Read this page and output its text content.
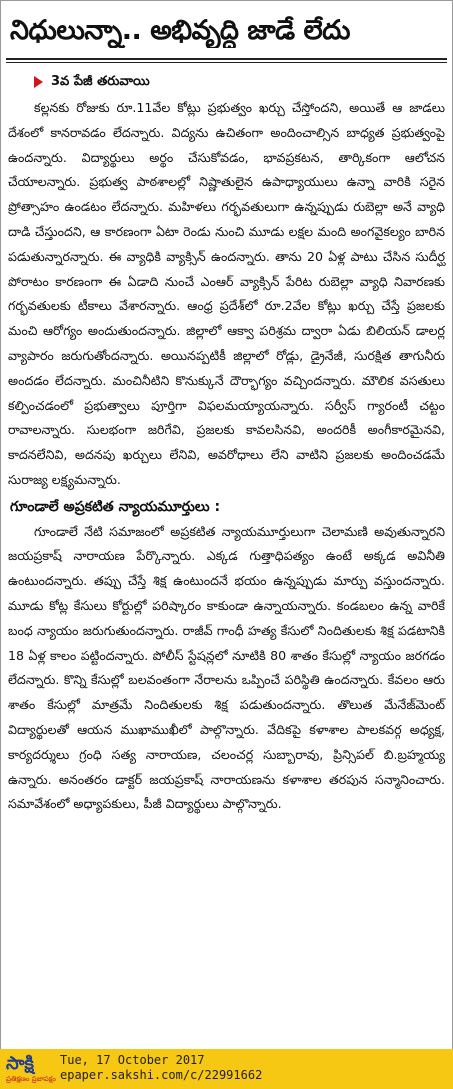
నిధులున్నా.. అభివృద్ధి జాడే లేదు
3వ పేజీ తరువాయి

కల్లనకు రోజుకు రూ.11వేల కోట్లు ప్రభుత్వం ఖర్చు చేస్తోందని, అయితే ఆ జాడలు దేశంలో కానరావడం లేదన్నారు. విద్యను ఉచితంగా అందించాల్సిన బాధ్యత ప్రభుత్వంపై ఉందన్నారు. విద్యార్థులు అర్థం చేసుకోవడం, భావప్రకటన, తార్కికంగా ఆలోచన చేయాలన్నారు. ప్రభుత్వ పాఠశాలల్లో నిష్ణాతులైన ఉపాధ్యాయులు ఉన్నా వారికి సరైన ప్రోత్సాహం ఉండటం లేదన్నారు. మహిళలు గర్భవతులుగా ఉన్నప్పుడు రుబెల్లా అనే వ్యాధి దాడి చేస్తుందని, ఆ కారణంగా ఏటా రెండు నుంచి మూడు లక్షల మంది అంగవైకల్యం బారిన పడుతున్నారన్నారు. ఈ వ్యాధికి వ్యాక్సిన్ ఉందన్నారు. తాను 20 ఏళ్ల పాటు చేసిన సుదీర్ఘ పోరాటం కారణంగా ఈ ఏడాది నుంచే ఎంఆర్ వ్యాక్సిన్ పేరిట రుబెల్లా వ్యాధి నివారణకు గర్భవతులకు టీకాలు వేశారన్నారు. ఆంధ్ర ప్రదేశ్‌లో రూ.2వేల కోట్లు ఖర్చు చేస్తే ప్రజలకు మంచి ఆరోగ్యం అందుతుందన్నారు. జిల్లాలో ఆక్వా పరిశ్రమ ద్వారా ఏడు బిలియన్ డాలర్ల వ్యాపారం జరుగుతోందన్నారు. అయినప్పటికీ జిల్లాలో రోడ్లు, డ్రైనేజీ, సురక్షిత తాగునీరు అందడం లేదన్నారు. మంచినీటిని కొనుక్కునే దౌర్భాగ్యం వచ్చిందన్నారు. మౌలిక వసతులు కల్పించడంలో ప్రభుత్వాలు పూర్తిగా విఫలమయ్యాయన్నారు. సర్వీస్ గ్యారంటీ చట్టం రావాలన్నారు. సులభంగా జరిగేవి, ప్రజలకు కావలసినవి, అందరికీ అంగీకారమైనవి, కాదనలేనివి, అదనపు ఖర్చులు లేనివి, అవరోధాలు లేని వాటిని ప్రజలకు అందించడమే సురాజ్య లక్ష్యమన్నారు.

గూండాలే అప్రకటిత న్యాయమూర్తులు :

గూండాలే నేటి సమాజంలో అప్రకటిత న్యాయమూర్తులుగా చెలామణి అవుతున్నారని జయప్రకాష్ నారాయణ పేర్కొన్నారు. ఎక్కడ గుత్తాధిపత్యం ఉంటే అక్కడ అవినీతి ఉంటుందన్నారు. తప్పు చేస్తే శిక్ష ఉంటుందనే భయం ఉన్నప్పుడు మార్పు వస్తుందన్నారు. మూడు కోట్ల కేసులు కోర్టుల్లో పరిష్కారం కాకుండా ఉన్నాయన్నారు. కండబలం ఉన్న వారికే బంధ న్యాయం జరుగుతుందన్నారు. రాజీవ్ గాంధీ హత్య కేసులో నిందితులకు శిక్ష పడటానికి 18 ఏళ్ల కాలం పట్టిందన్నారు. పోలీస్ స్టేషన్లలో నూటికి 80 శాతం కేసుల్లో న్యాయం జరగడం లేదన్నారు. కొన్ని కేసుల్లో బలవంతంగా నేరాలను ఒప్పించే పరిస్థితి ఉందన్నారు. కేవలం ఆరు శాతం కేసుల్లో మాత్రమే నిందితులకు శిక్ష పడుతుందన్నారు. తొలుత మేనేజ్‌మెంట్ విద్యార్థులతో ఆయన ముఖాముఖీలో పాల్గొన్నారు. వేదికపై కళాశాల పాలకవర్గ అధ్యక్ష, కార్యదర్శులు గ్రంధి సత్య నారాయణ, చలంచర్ల సుబ్బారావు, ప్రిన్సిపల్ బి.బ్రహ్మయ్య ఉన్నారు. అనంతరం డాక్టర్ జయప్రకాష్ నారాయణను కళాశాల తరపున సన్మానించారు. సమావేశంలో అధ్యాపకులు, పీజీ విద్యార్థులు పాల్గొన్నారు.

సాక్షి
ప్రతిక్షణం ప్రజాపక్షం
Tue, 17 October 2017
epaper.sakshi.com/c/22991662
